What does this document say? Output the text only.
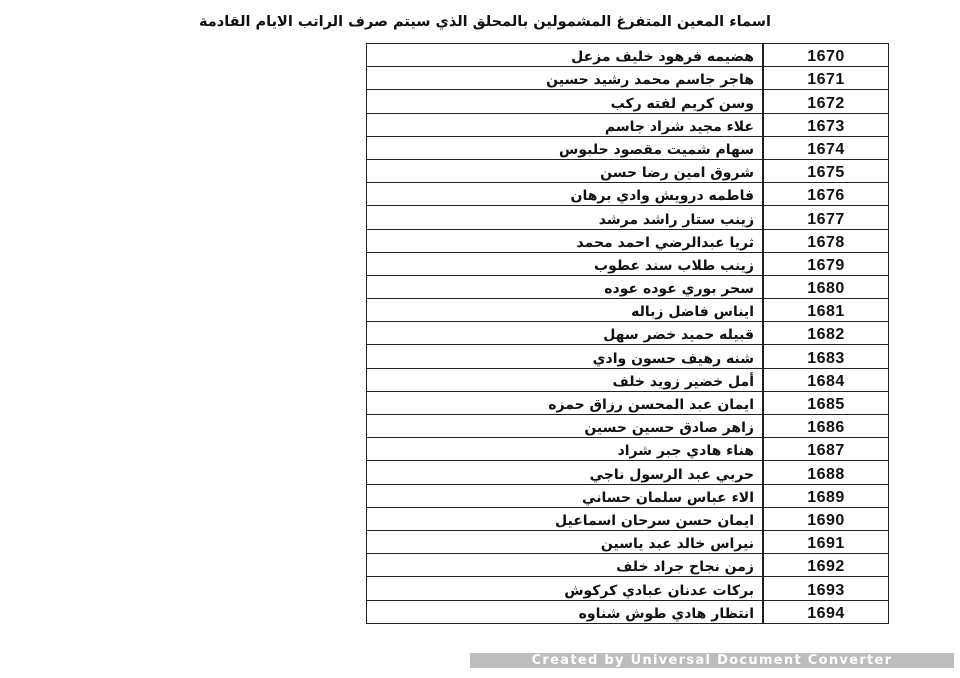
اسماء المعين المتفرغ المشمولين بالمحلق الذي سيتم صرف الراتب الايام القادمة
هضيمه فرهود خليف مزعل	1670
هاجر جاسم محمد رشيد حسين	1671
وسن كريم لفته ركب	1672
علاء مجيد شراد جاسم	1673
سهام شميت مقصود حلبوس	1674
شروق امين رضا حسن	1675
فاطمه درويش وادي برهان	1676
زينب ستار راشد مرشد	1677
ثريا عبدالرضي احمد محمد	1678
زينب طلاب سند عطوب	1679
سحر بوري عوده عوده	1680
ايناس فاضل زباله	1681
قبيله حميد خضر سهل	1682
شنه رهيف حسون وادي	1683
أمل خضير زويد خلف	1684
ايمان عبد المحسن رزاق حمزه	1685
زاهر صادق حسين حسين	1686
هناء هادي جبر شراد	1687
حربي عبد الرسول ناجي	1688
الاء عباس سلمان حساني	1689
ايمان حسن سرحان اسماعيل	1690
نيراس خالد عبد ياسين	1691
زمن نجاح جراد خلف	1692
بركات عدنان عبادي كركوش	1693
انتظار هادي طوش شناوه	1694
Created by Universal Document Converter
